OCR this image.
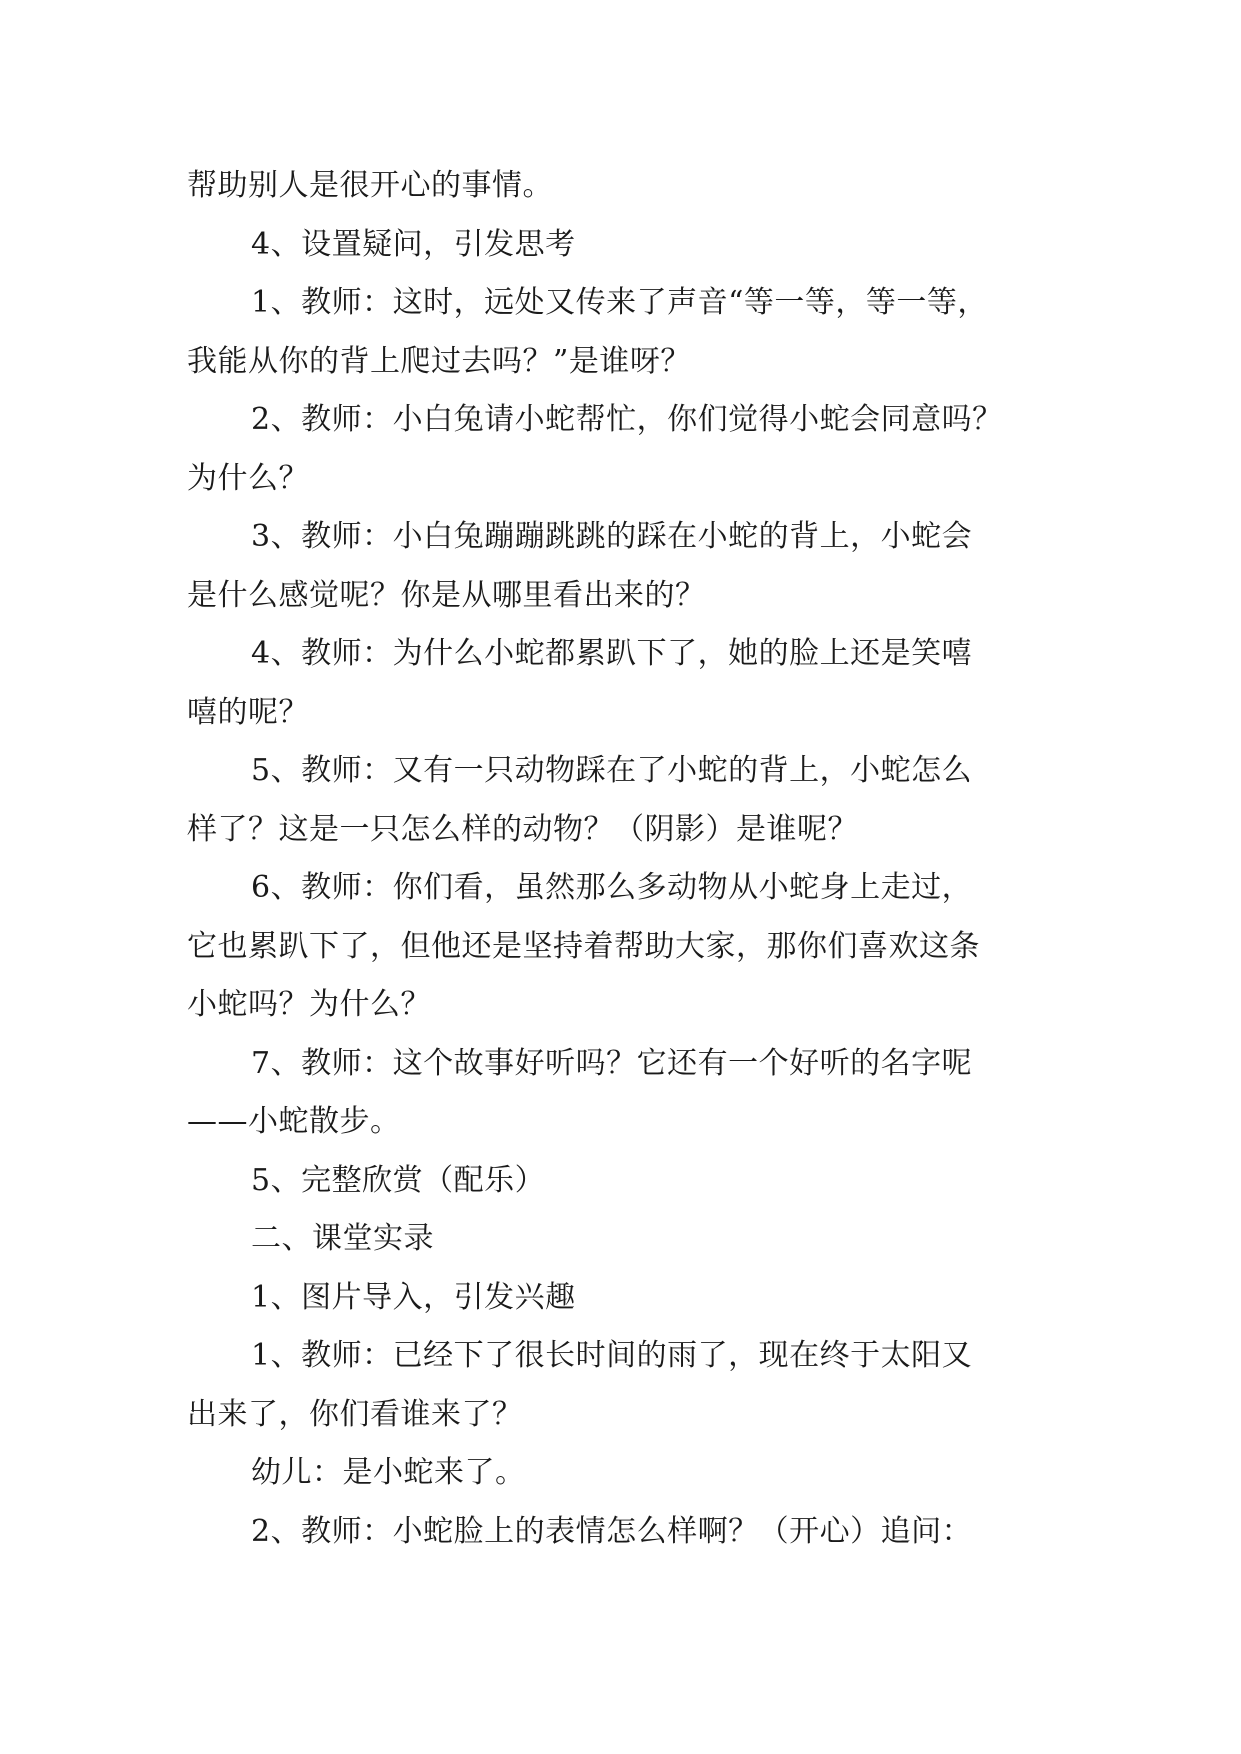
帮助别人是很开心的事情。
4、设置疑问，引发思考
1、教师：这时，远处又传来了声音“等一等，等一等，
我能从你的背上爬过去吗？”是谁呀？
2、教师：小白兔请小蛇帮忙，你们觉得小蛇会同意吗？
为什么？
3、教师：小白兔蹦蹦跳跳的踩在小蛇的背上，小蛇会
是什么感觉呢？你是从哪里看出来的？
4、教师：为什么小蛇都累趴下了，她的脸上还是笑嘻
嘻的呢？
5、教师：又有一只动物踩在了小蛇的背上，小蛇怎么
样了？这是一只怎么样的动物？（阴影）是谁呢？
6、教师：你们看，虽然那么多动物从小蛇身上走过，
它也累趴下了，但他还是坚持着帮助大家，那你们喜欢这条
小蛇吗？为什么？
7、教师：这个故事好听吗？它还有一个好听的名字呢
——小蛇散步。
5、完整欣赏（配乐）
二、课堂实录
1、图片导入，引发兴趣
1、教师：已经下了很长时间的雨了，现在终于太阳又
出来了，你们看谁来了？
幼儿：是小蛇来了。
2、教师：小蛇脸上的表情怎么样啊？（开心）追问：
